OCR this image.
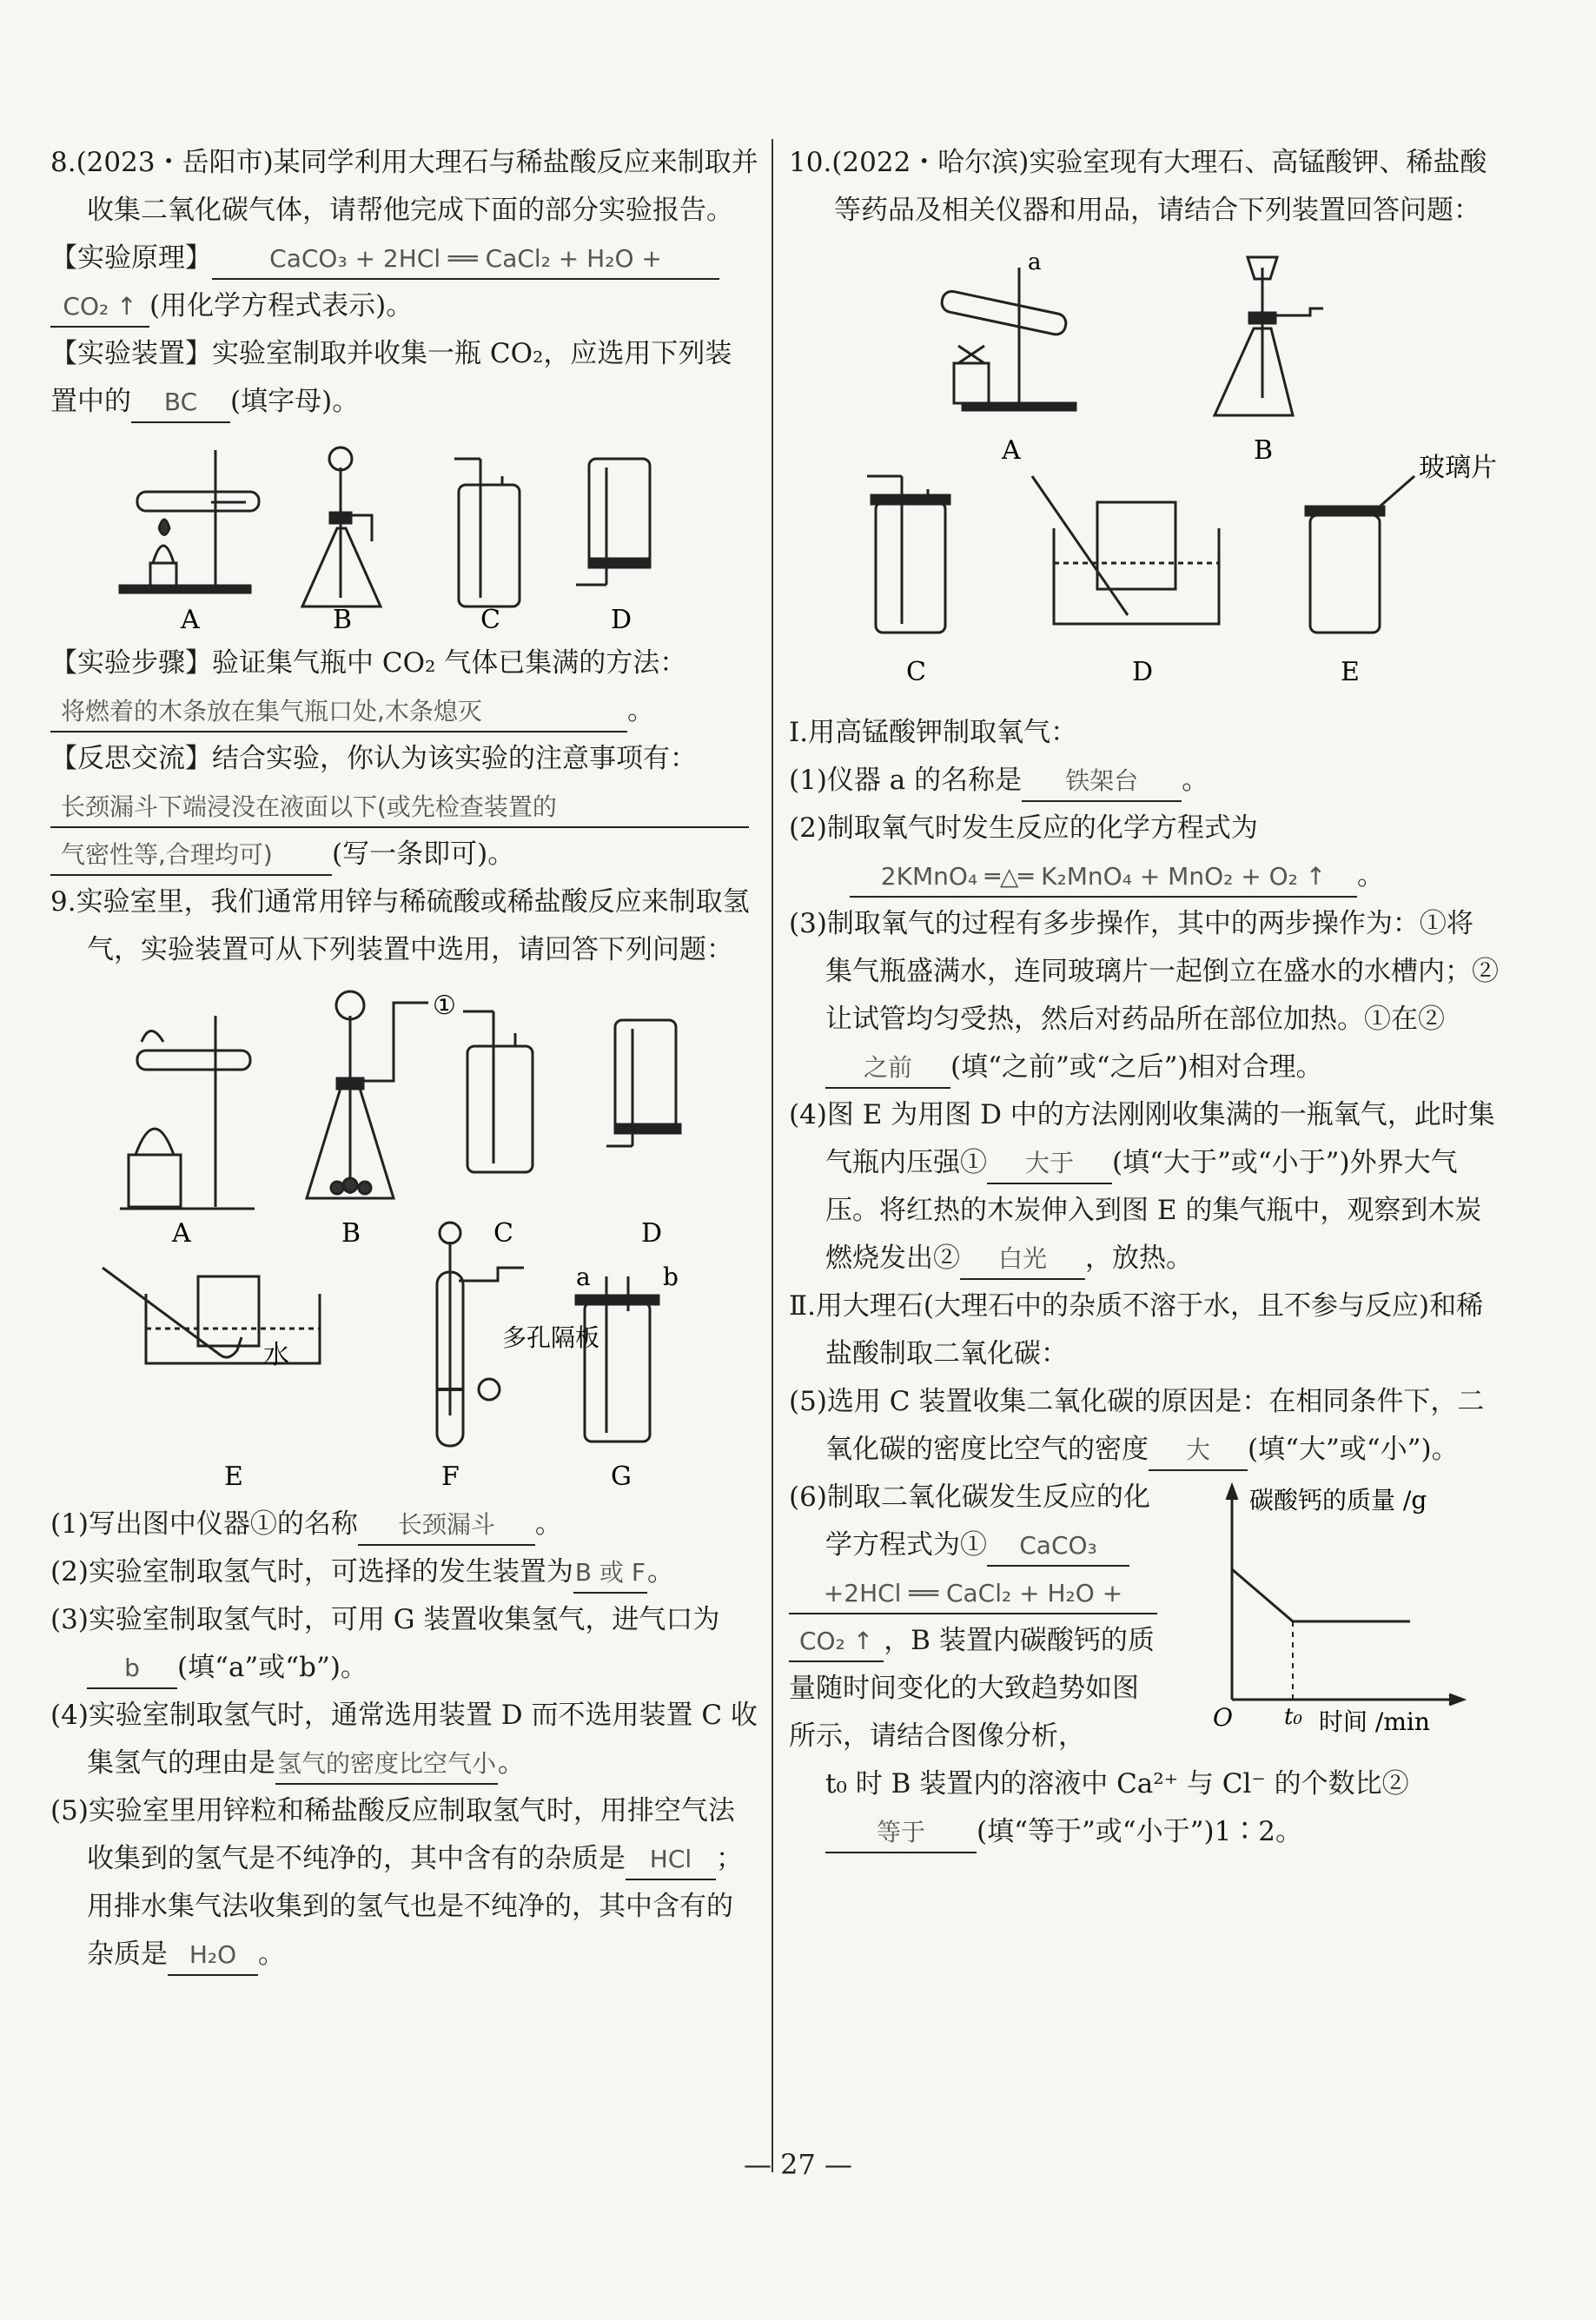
8.(2023・岳阳市)某同学利用大理石与稀盐酸反应来制取并收集二氧化碳气体，请帮他完成下面的部分实验报告。

【实验原理】 CaCO₃ + 2HCl ══ CaCl₂ + H₂O +

CO₂ ↑ (用化学方程式表示)。

【实验装置】实验室制取并收集一瓶 CO₂，应选用下列装置中的 BC (填字母)。

A	B	C	D

【实验步骤】验证集气瓶中 CO₂ 气体已集满的方法：

将燃着的木条放在集气瓶口处,木条熄灭	。

【反思交流】结合实验，你认为该实验的注意事项有：

长颈漏斗下端浸没在液面以下(或先检查装置的

气密性等,合理均可) (写一条即可)。

9.实验室里，我们通常用锌与稀硫酸或稀盐酸反应来制取氢气，实验装置可从下列装置中选用，请回答下列问题：

①
水
多孔隔板
a	b
A	B	C	D
E	F	G

(1)写出图中仪器①的名称 长颈漏斗 。

(2)实验室制取氢气时，可选择的发生装置为B 或 F。

(3)实验室制取氢气时，可用 G 装置收集氢气，进气口为b (填“a”或“b”)。

(4)实验室制取氢气时，通常选用装置 D 而不选用装置 C 收集氢气的理由是氢气的密度比空气小。

(5)实验室里用锌粒和稀盐酸反应制取氢气时，用排空气法收集到的氢气是不纯净的，其中含有的杂质是 HCl ；用排水集气法收集到的氢气也是不纯净的，其中含有的杂质是 H₂O 。

10.(2022・哈尔滨)实验室现有大理石、高锰酸钾、稀盐酸等药品及相关仪器和用品，请结合下列装置回答问题：

a
玻璃片
A	B
C	D	E

Ⅰ.用高锰酸钾制取氧气：

(1)仪器 a 的名称是 铁架台 。

(2)制取氧气时发生反应的化学方程式为

2KMnO₄ ═△═ K₂MnO₄ + MnO₂ + O₂ ↑ 。

(3)制取氧气的过程有多步操作，其中的两步操作为：①将集气瓶盛满水，连同玻璃片一起倒立在盛水的水槽内；②让试管均匀受热，然后对药品所在部位加热。①在②之前 (填“之前”或“之后”)相对合理。

(4)图 E 为用图 D 中的方法刚刚收集满的一瓶氧气，此时集气瓶内压强① 大于 (填“大于”或“小于”)外界大气压。将红热的木炭伸入到图 E 的集气瓶中，观察到木炭燃烧发出② 白光 ，放热。

Ⅱ.用大理石(大理石中的杂质不溶于水，且不参与反应)和稀盐酸制取二氧化碳：

(5)选用 C 装置收集二氧化碳的原因是：在相同条件下，二氧化碳的密度比空气的密度 大 (填“大”或“小”)。

碳酸钙的质量 /g
时间 /min
O t₀

(6)制取二氧化碳发生反应的化学方程式为① CaCO₃

+2HCl ══ CaCl₂ + H₂O +

CO₂ ↑ ，B 装置内碳酸钙的质量随时间变化的大致趋势如图所示，请结合图像分析，

t₀ 时 B 装置内的溶液中 Ca²⁺ 与 Cl⁻ 的个数比②

等于 (填“等于”或“小于”)1∶2。

— 27 —
